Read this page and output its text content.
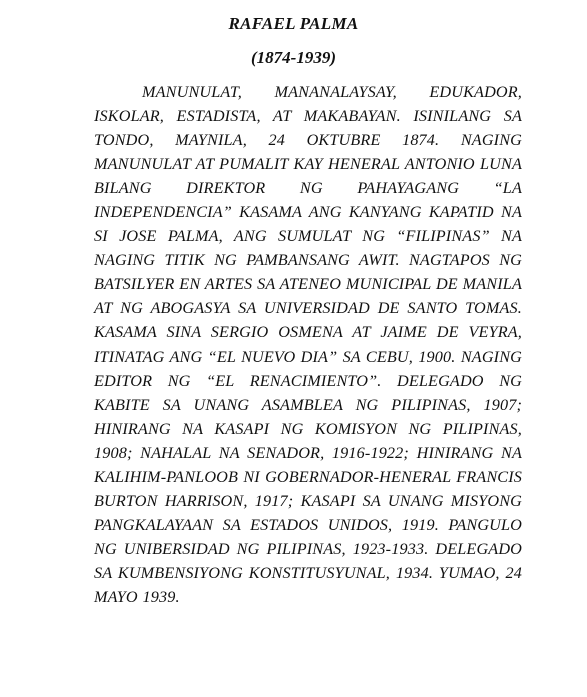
RAFAEL PALMA
(1874-1939)

MANUNULAT, MANANALAYSAY, EDUKADOR, ISKOLAR, ESTADISTA, AT MAKABAYAN. ISINILANG SA TONDO, MAYNILA, 24 OKTUBRE 1874. NAGING MANUNULAT AT PUMALIT KAY HENERAL ANTONIO LUNA BILANG DIREKTOR NG PAHAYAGANG “LA INDEPENDENCIA” KASAMA ANG KANYANG KAPATID NA SI JOSE PALMA, ANG SUMULAT NG “FILIPINAS” NA NAGING TITIK NG PAMBANSANG AWIT. NAGTAPOS NG BATSILYER EN ARTES SA ATENEO MUNICIPAL DE MANILA AT NG ABOGASYA SA UNIVERSIDAD DE SANTO TOMAS. KASAMA SINA SERGIO OSMENA AT JAIME DE VEYRA, ITINATAG ANG “EL NUEVO DIA” SA CEBU, 1900. NAGING EDITOR NG “EL RENACIMIENTO”. DELEGADO NG KABITE SA UNANG ASAMBLEA NG PILIPINAS, 1907; HINIRANG NA KASAPI NG KOMISYON NG PILIPINAS, 1908; NAHALAL NA SENADOR, 1916-1922; HINIRANG NA KALIHIM-PANLOOB NI GOBERNADOR-HENERAL FRANCIS BURTON HARRISON, 1917; KASAPI SA UNANG MISYONG PANGKALAYAAN SA ESTADOS UNIDOS, 1919. PANGULO NG UNIBERSIDAD NG PILIPINAS, 1923-1933. DELEGADO SA KUMBENSIYONG KONSTITUSYUNAL, 1934. YUMAO, 24 MAYO 1939.
